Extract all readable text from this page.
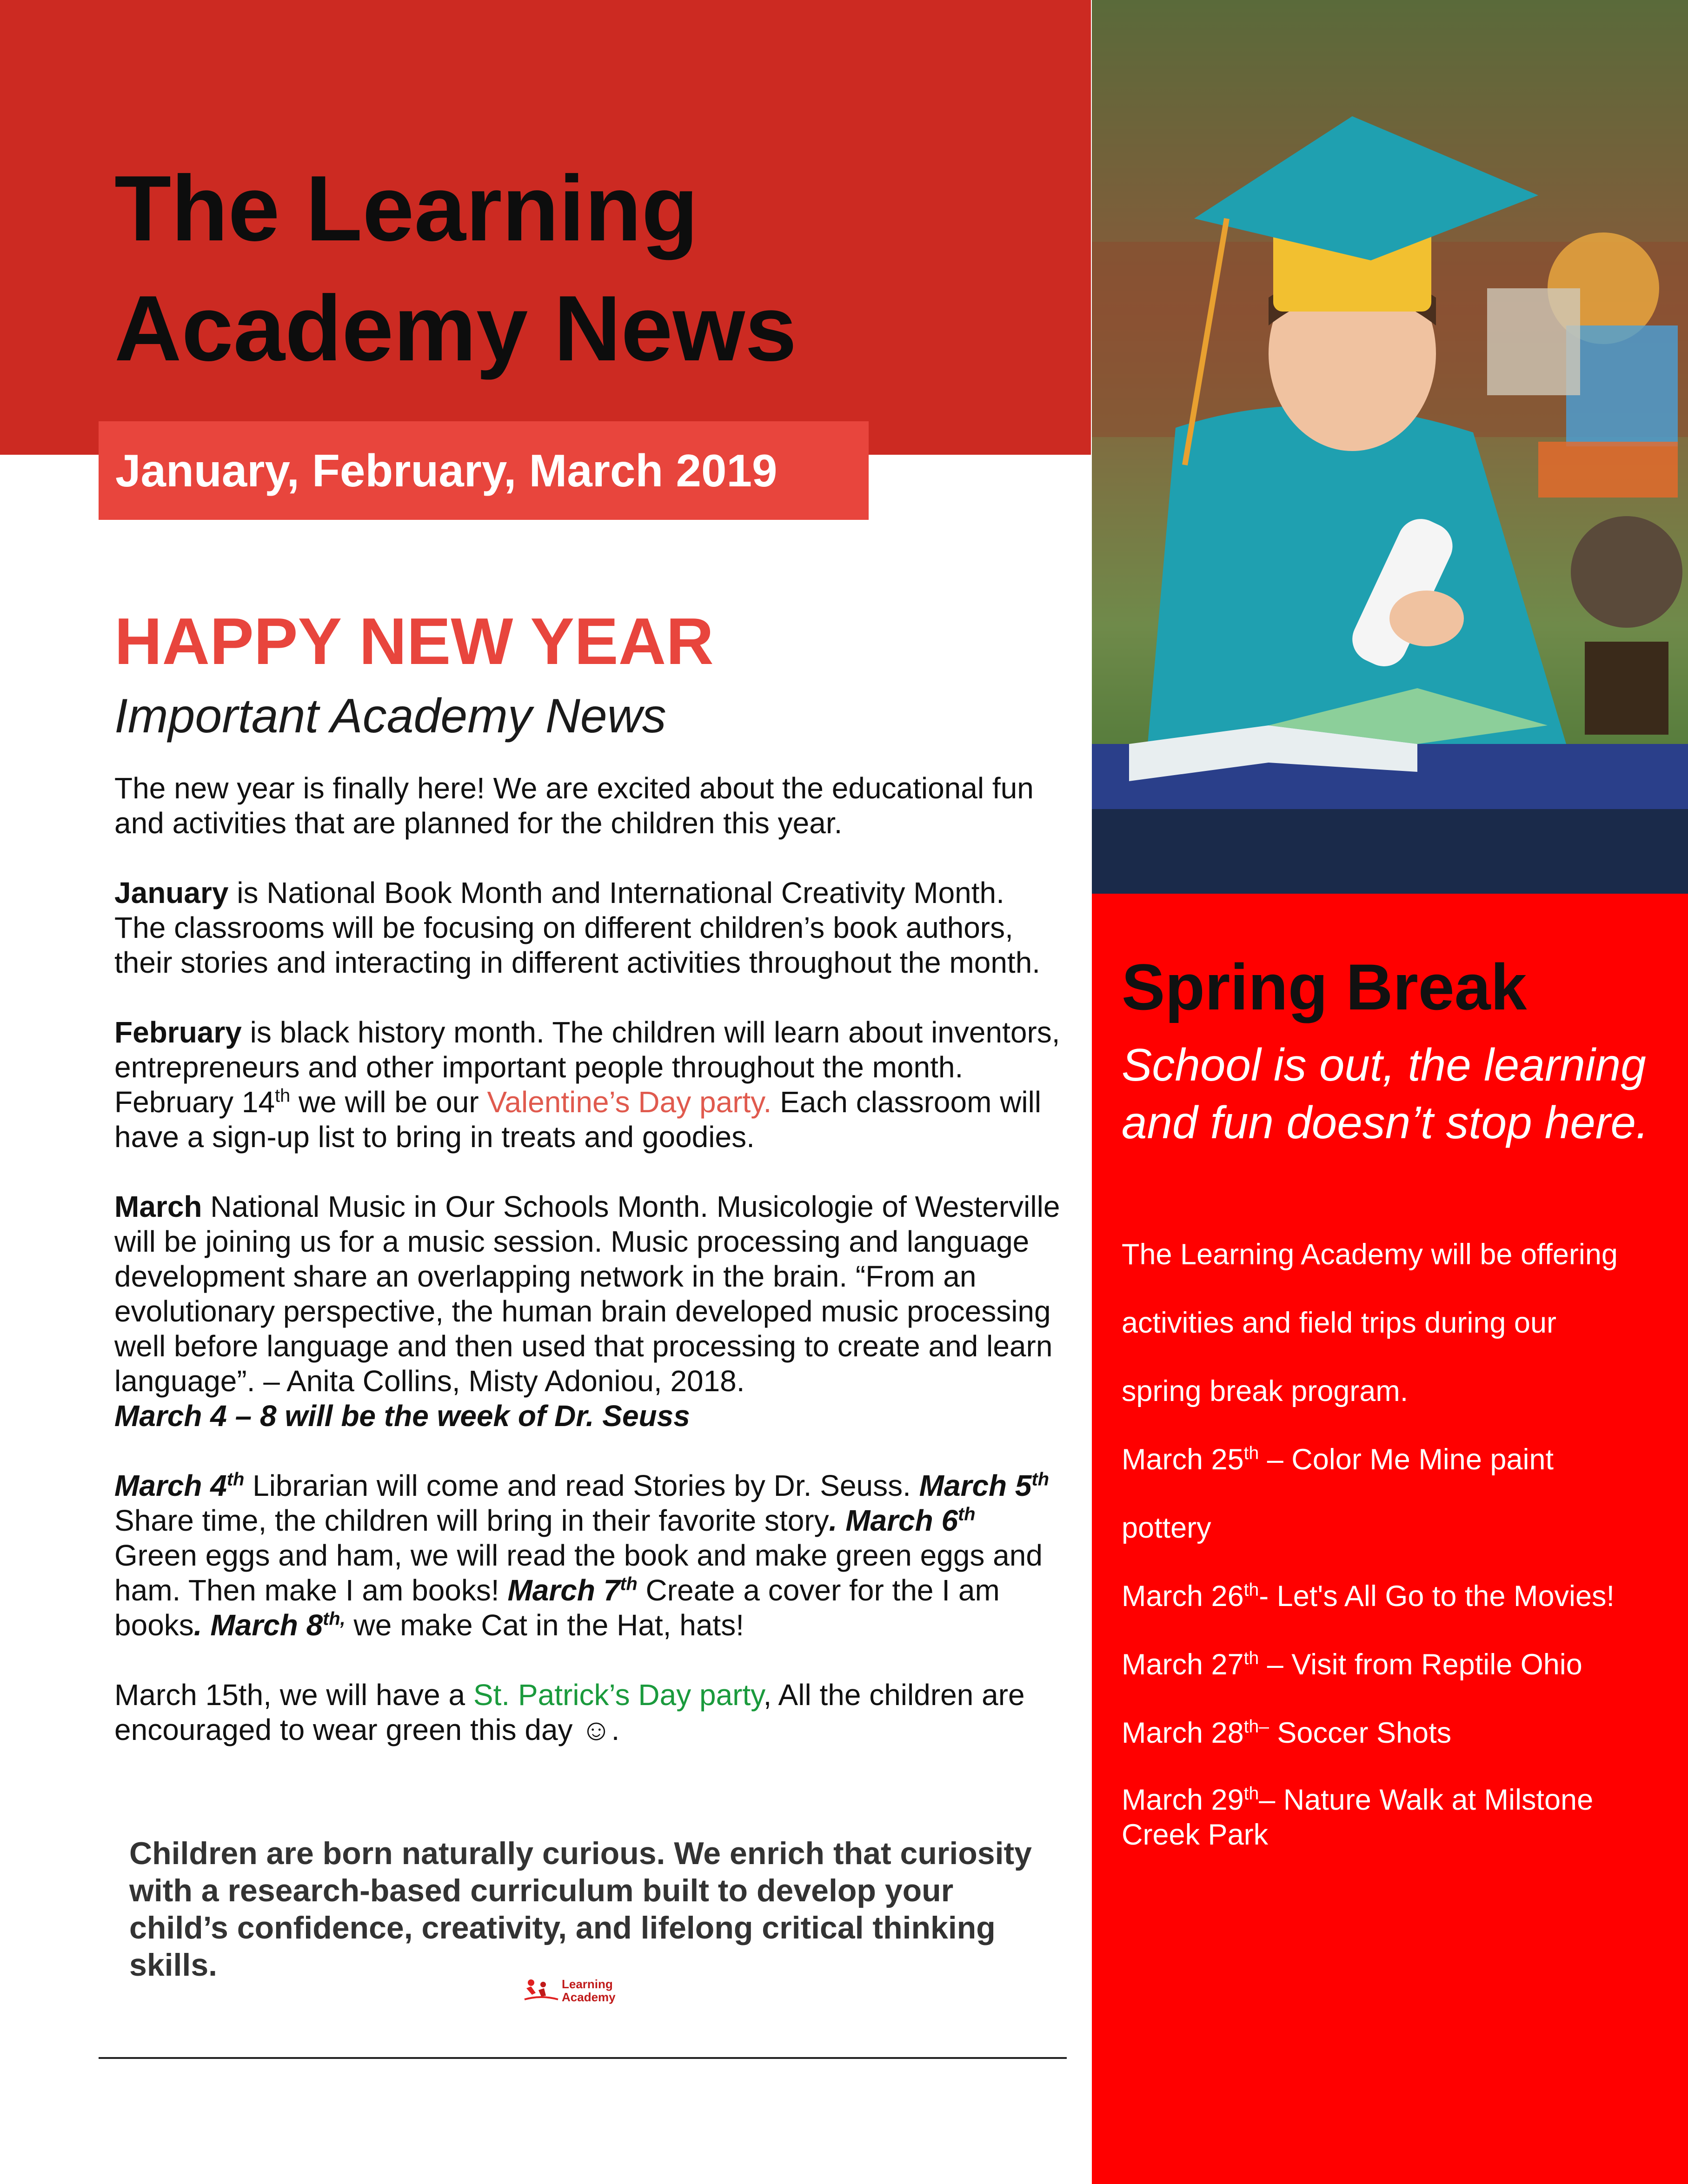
The Learning Academy News
January, February, March 2019
Spring Break

School is out, the learning and fun doesn’t stop here.

The Learning Academy will be offering
activities and field trips during our
spring break program.
March 25th – Color Me Mine paint
pottery
March 26th- Let's All Go to the Movies!
March 27th – Visit from Reptile Ohio
March $28^{th-}$ Soccer Shots
March 29th– Nature Walk at Milstone Creek Park
HAPPY NEW YEAR

Important Academy News

The new year is finally here! We are excited about the educational fun and activities that are planned for the children this year.

January is National Book Month and International Creativity Month. The classrooms will be focusing on different children’s book authors, their stories and interacting in different activities throughout the month.

February is black history month. The children will learn about inventors, entrepreneurs and other important people throughout the month. February 14th we will be our Valentine’s Day party. Each classroom will have a sign-up list to bring in treats and goodies.

March National Music in Our Schools Month. Musicologie of Westerville will be joining us for a music session. Music processing and language development share an overlapping network in the brain. “From an evolutionary perspective, the human brain developed music processing well before language and then used that processing to create and learn language”. – Anita Collins, Misty Adoniou, 2018.
March 4 – 8 will be the week of Dr. Seuss

March 4th Librarian will come and read Stories by Dr. Seuss. March 5th Share time, the children will bring in their favorite story. March 6th Green eggs and ham, we will read the book and make green eggs and ham. Then make I am books! March 7th Create a cover for the I am books. March $8^{th,}$ we make Cat in the Hat, hats!

March 15th, we will have a St. Patrick’s Day party, All the children are encouraged to wear green this day ☺.

Children are born naturally curious. We enrich that curiosity with a research-based curriculum built to develop your child’s confidence, creativity, and lifelong critical thinking skills.

Learning
Academy
